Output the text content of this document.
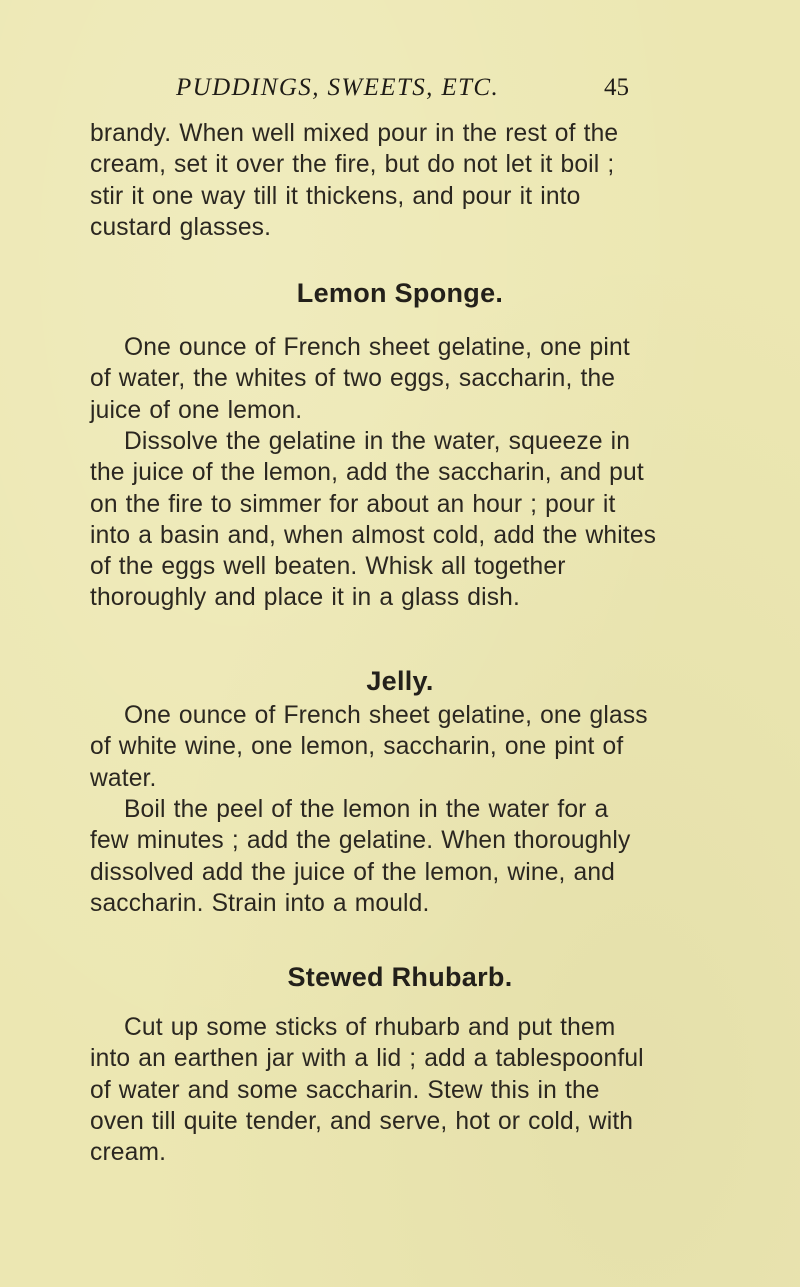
PUDDINGS, SWEETS, ETC.	45
brandy. When well mixed pour in the rest of the
cream, set it over the fire, but do not let it boil ;
stir it one way till it thickens, and pour it into
custard glasses.
Lemon Sponge.
One ounce of French sheet gelatine, one pint
of water, the whites of two eggs, saccharin, the
juice of one lemon.
Dissolve the gelatine in the water, squeeze in
the juice of the lemon, add the saccharin, and put
on the fire to simmer for about an hour ; pour it
into a basin and, when almost cold, add the whites
of the eggs well beaten. Whisk all together
thoroughly and place it in a glass dish.
Jelly.
One ounce of French sheet gelatine, one glass
of white wine, one lemon, saccharin, one pint of
water.
Boil the peel of the lemon in the water for a
few minutes ; add the gelatine. When thoroughly
dissolved add the juice of the lemon, wine, and
saccharin. Strain into a mould.
Stewed Rhubarb.
Cut up some sticks of rhubarb and put them
into an earthen jar with a lid ; add a tablespoonful
of water and some saccharin. Stew this in the
oven till quite tender, and serve, hot or cold, with
cream.
